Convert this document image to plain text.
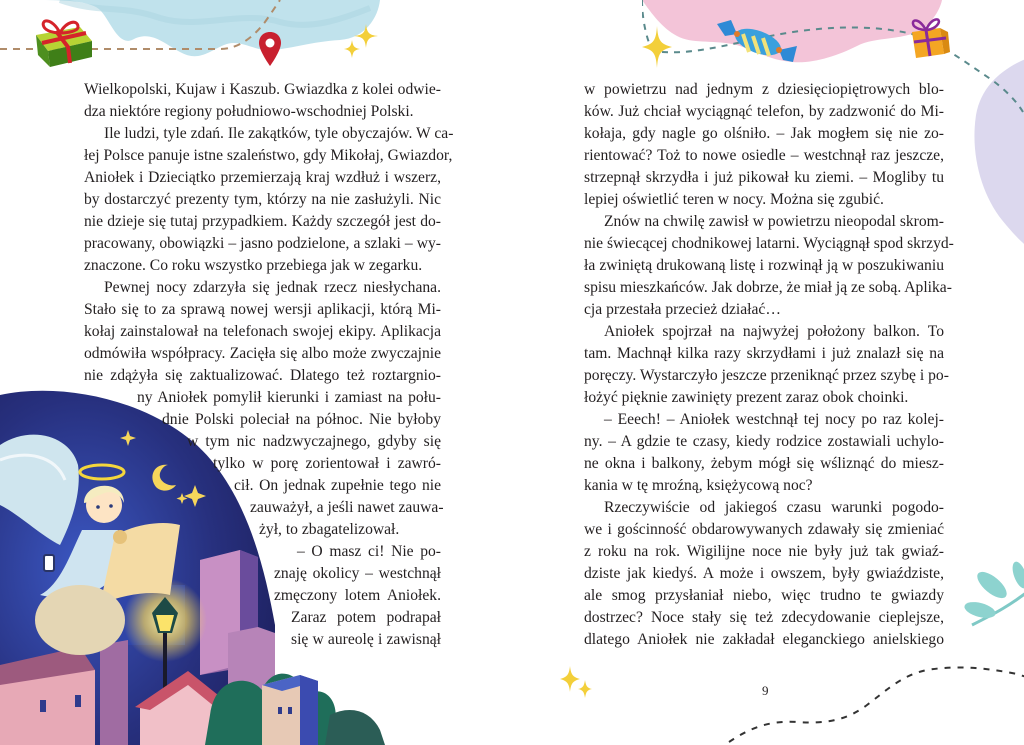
Wielkopolski, Kujaw i Kaszub. Gwiazdka z kolei odwie-
dza niektóre regiony południowo-wschodniej Polski.
Ile ludzi, tyle zdań. Ile zakątków, tyle obyczajów. W ca-
łej Polsce panuje istne szaleństwo, gdy Mikołaj, Gwiazdor,
Aniołek i Dzieciątko przemierzają kraj wzdłuż i wszerz,
by dostarczyć prezenty tym, którzy na nie zasłużyli. Nic
nie dzieje się tutaj przypadkiem. Każdy szczegół jest do-
pracowany, obowiązki – jasno podzielone, a szlaki – wy-
znaczone. Co roku wszystko przebiega jak w zegarku.
Pewnej nocy zdarzyła się jednak rzecz niesłychana.
Stało się to za sprawą nowej wersji aplikacji, którą Mi-
kołaj zainstalował na telefonach swojej ekipy. Aplikacja
odmówiła współpracy. Zacięła się albo może zwyczajnie
nie zdążyła się zaktualizować. Dlatego też roztargnio-
ny Aniołek pomylił kierunki i zamiast na połu-
dnie Polski poleciał na północ. Nie byłoby
w tym nic nadzwyczajnego, gdyby się
tylko w porę zorientował i zawró-
cił. On jednak zupełnie tego nie
zauważył, a jeśli nawet zauwa-
żył, to zbagatelizował.
– O masz ci! Nie po-
znaję okolicy – westchnął
zmęczony lotem Aniołek.
Zaraz potem podrapał
się w aureolę i zawisnął
w powietrzu nad jednym z dziesięciopiętrowych blo-
ków. Już chciał wyciągnąć telefon, by zadzwonić do Mi-
kołaja, gdy nagle go olśniło. – Jak mogłem się nie zo-
rientować? Toż to nowe osiedle – westchnął raz jeszcze,
strzepnął skrzydła i już pikował ku ziemi. – Mogliby tu
lepiej oświetlić teren w nocy. Można się zgubić.
Znów na chwilę zawisł w powietrzu nieopodal skrom-
nie świecącej chodnikowej latarni. Wyciągnął spod skrzyd-
ła zwiniętą drukowaną listę i rozwinął ją w poszukiwaniu
spisu mieszkańców. Jak dobrze, że miał ją ze sobą. Aplika-
cja przestała przecież działać…
Aniołek spojrzał na najwyżej położony balkon. To
tam. Machnął kilka razy skrzydłami i już znalazł się na
poręczy. Wystarczyło jeszcze przeniknąć przez szybę i po-
łożyć pięknie zawinięty prezent zaraz obok choinki.
– Eeech! – Aniołek westchnął tej nocy po raz kolej-
ny. – A gdzie te czasy, kiedy rodzice zostawiali uchylo-
ne okna i balkony, żebym mógł się wśliznąć do miesz-
kania w tę mroźną, księżycową noc?
Rzeczywiście od jakiegoś czasu warunki pogodo-
we i gościnność obdarowywanych zdawały się zmieniać
z roku na rok. Wigilijne noce nie były już tak gwiaź-
dziste jak kiedyś. A może i owszem, były gwiaździste,
ale smog przysłaniał niebo, więc trudno te gwiazdy
dostrzec? Noce stały się też zdecydowanie cieplejsze,
dlatego Aniołek nie zakładał eleganckiego anielskiego
9
